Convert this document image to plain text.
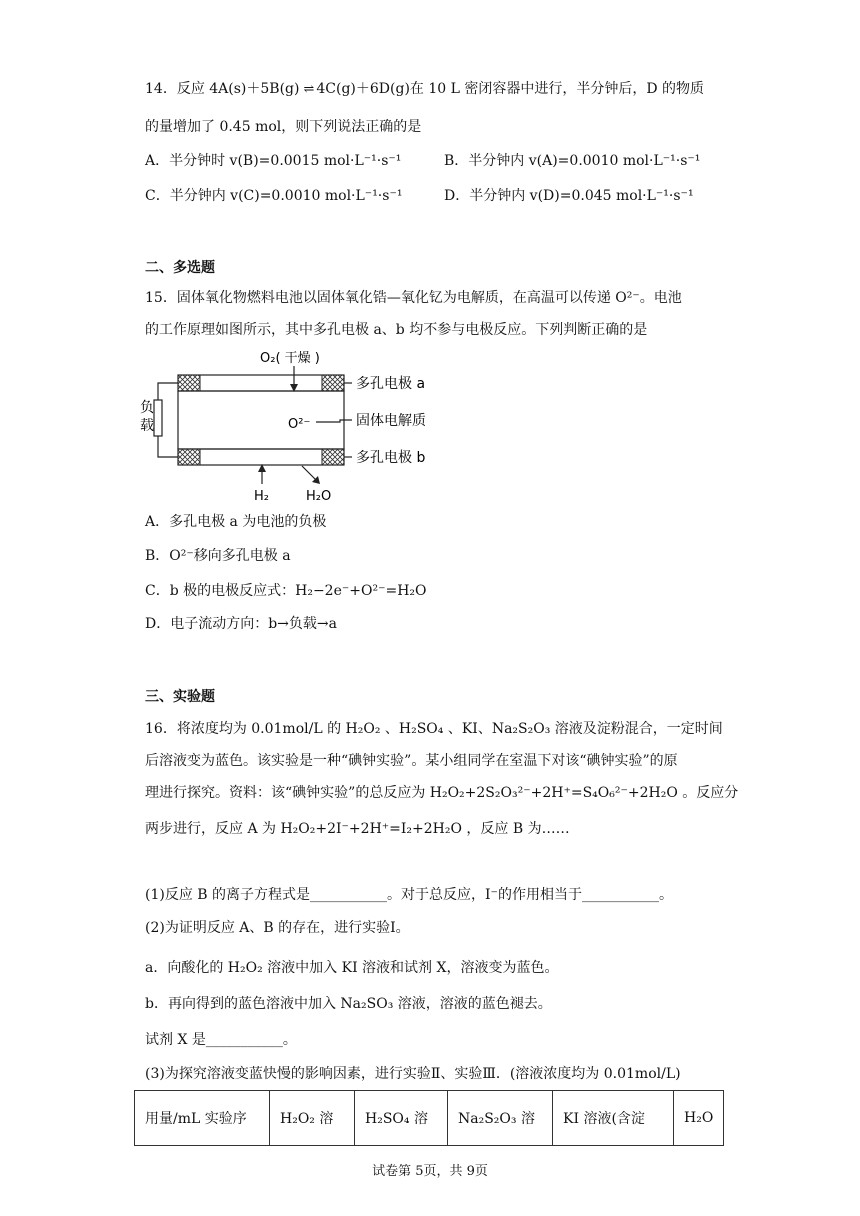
14．反应 4A(s)＋5B(g) ⇌ 4C(g)＋6D(g)在 10 L 密闭容器中进行，半分钟后，D 的物质
的量增加了 0.45 mol，则下列说法正确的是
A．半分钟时 v(B)=0.0015 mol·L⁻¹·s⁻¹	B．半分钟内 v(A)=0.0010 mol·L⁻¹·s⁻¹
C．半分钟内 v(C)=0.0010 mol·L⁻¹·s⁻¹	D．半分钟内 v(D)=0.045 mol·L⁻¹·s⁻¹
二、多选题
15．固体氧化物燃料电池以固体氧化锆—氧化钇为电解质，在高温可以传递 O²⁻。电池
的工作原理如图所示，其中多孔电极 a、b 均不参与电极反应。下列判断正确的是
负
载
O₂( 干燥 )
O²⁻
多孔电极 a
固体电解质
多孔电极 b
H₂	H₂O
A．多孔电极 a 为电池的负极
B．O²⁻移向多孔电极 a
C．b 极的电极反应式：H₂−2e⁻+O²⁻=H₂O
D．电子流动方向：b→负载→a
三、实验题
16．将浓度均为 0.01mol/L 的 H₂O₂ 、H₂SO₄ 、KI、Na₂S₂O₃ 溶液及淀粉混合，一定时间
后溶液变为蓝色。该实验是一种“碘钟实验”。某小组同学在室温下对该“碘钟实验”的原
理进行探究。资料：该“碘钟实验”的总反应为 H₂O₂+2S₂O₃²⁻+2H⁺=S₄O₆²⁻+2H₂O 。反应分
两步进行，反应 A 为 H₂O₂+2I⁻+2H⁺=I₂+2H₂O ，反应 B 为……
(1)反应 B 的离子方程式是___________。对于总反应，I⁻的作用相当于___________。
(2)为证明反应 A、B 的存在，进行实验Ⅰ。
a．向酸化的 H₂O₂ 溶液中加入 KI 溶液和试剂 X，溶液变为蓝色。
b．再向得到的蓝色溶液中加入 Na₂SO₃ 溶液，溶液的蓝色褪去。
试剂 X 是___________。
(3)为探究溶液变蓝快慢的影响因素，进行实验Ⅱ、实验Ⅲ．(溶液浓度均为 0.01mol/L)
用量/mL 实验序	H₂O₂ 溶	H₂SO₄ 溶	Na₂S₂O₃ 溶	KI 溶液(含淀	H₂O
试卷第 5页，共 9页
